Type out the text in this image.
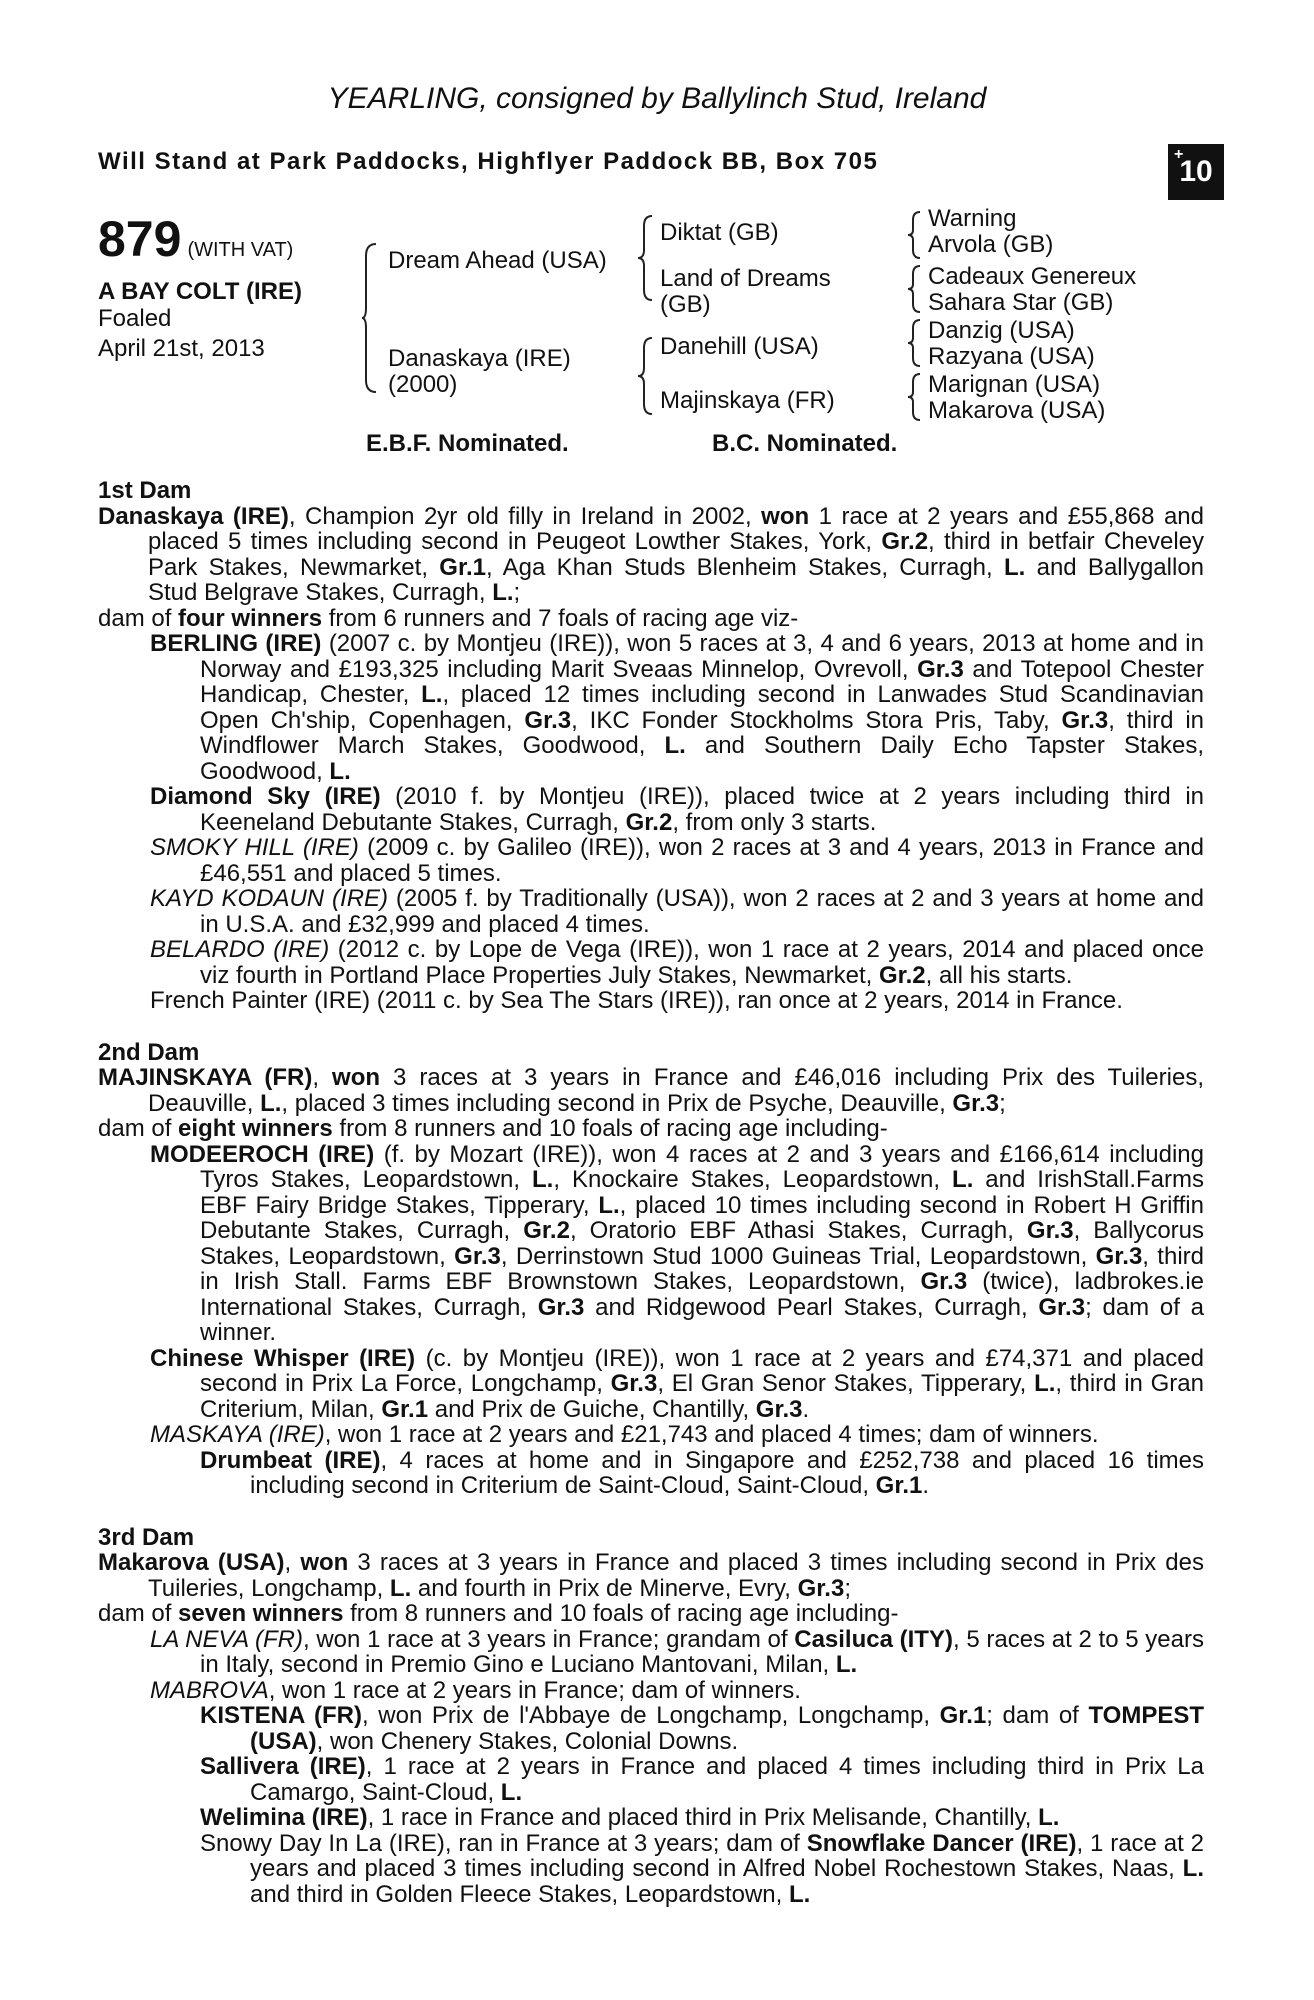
YEARLING, consigned by Ballylinch Stud, Ireland
Will Stand at Park Paddocks, Highflyer Paddock BB, Box 705	+
10
879 (WITH VAT)
A BAY COLT (IRE)
Foaled
April 21st, 2013
Dream Ahead (USA)
Danaskaya (IRE)
(2000)
Diktat (GB)
Land of Dreams
(GB)
Danehill (USA)
Majinskaya (FR)
Warning
Arvola (GB)
Cadeaux Genereux
Sahara Star (GB)
Danzig (USA)
Razyana (USA)
Marignan (USA)
Makarova (USA)
E.B.F. Nominated.	B.C. Nominated.
1st Dam
Danaskaya (IRE), Champion 2yr old filly in Ireland in 2002, won 1 race at 2 years and £55,868 and placed 5 times including second in Peugeot Lowther Stakes, York, Gr.2, third in betfair Cheveley Park Stakes, Newmarket, Gr.1, Aga Khan Studs Blenheim Stakes, Curragh, L. and Ballygallon Stud Belgrave Stakes, Curragh, L.;
dam of four winners from 6 runners and 7 foals of racing age viz-
BERLING (IRE) (2007 c. by Montjeu (IRE)), won 5 races at 3, 4 and 6 years, 2013 at home and in Norway and £193,325 including Marit Sveaas Minnelop, Ovrevoll, Gr.3 and Totepool Chester Handicap, Chester, L., placed 12 times including second in Lanwades Stud Scandinavian Open Ch'ship, Copenhagen, Gr.3, IKC Fonder Stockholms Stora Pris, Taby, Gr.3, third in Windflower March Stakes, Goodwood, L. and Southern Daily Echo Tapster Stakes, Goodwood, L.
Diamond Sky (IRE) (2010 f. by Montjeu (IRE)), placed twice at 2 years including third in Keeneland Debutante Stakes, Curragh, Gr.2, from only 3 starts.
SMOKY HILL (IRE) (2009 c. by Galileo (IRE)), won 2 races at 3 and 4 years, 2013 in France and £46,551 and placed 5 times.
KAYD KODAUN (IRE) (2005 f. by Traditionally (USA)), won 2 races at 2 and 3 years at home and in U.S.A. and £32,999 and placed 4 times.
BELARDO (IRE) (2012 c. by Lope de Vega (IRE)), won 1 race at 2 years, 2014 and placed once viz fourth in Portland Place Properties July Stakes, Newmarket, Gr.2, all his starts.
French Painter (IRE) (2011 c. by Sea The Stars (IRE)), ran once at 2 years, 2014 in France.
2nd Dam
MAJINSKAYA (FR), won 3 races at 3 years in France and £46,016 including Prix des Tuileries, Deauville, L., placed 3 times including second in Prix de Psyche, Deauville, Gr.3;
dam of eight winners from 8 runners and 10 foals of racing age including-
MODEEROCH (IRE) (f. by Mozart (IRE)), won 4 races at 2 and 3 years and £166,614 including Tyros Stakes, Leopardstown, L., Knockaire Stakes, Leopardstown, L. and IrishStall.Farms EBF Fairy Bridge Stakes, Tipperary, L., placed 10 times including second in Robert H Griffin Debutante Stakes, Curragh, Gr.2, Oratorio EBF Athasi Stakes, Curragh, Gr.3, Ballycorus Stakes, Leopardstown, Gr.3, Derrinstown Stud 1000 Guineas Trial, Leopardstown, Gr.3, third in Irish Stall. Farms EBF Brownstown Stakes, Leopardstown, Gr.3 (twice), ladbrokes.ie International Stakes, Curragh, Gr.3 and Ridgewood Pearl Stakes, Curragh, Gr.3; dam of a winner.
Chinese Whisper (IRE) (c. by Montjeu (IRE)), won 1 race at 2 years and £74,371 and placed second in Prix La Force, Longchamp, Gr.3, El Gran Senor Stakes, Tipperary, L., third in Gran Criterium, Milan, Gr.1 and Prix de Guiche, Chantilly, Gr.3.
MASKAYA (IRE), won 1 race at 2 years and £21,743 and placed 4 times; dam of winners.
Drumbeat (IRE), 4 races at home and in Singapore and £252,738 and placed 16 times including second in Criterium de Saint-Cloud, Saint-Cloud, Gr.1.
3rd Dam
Makarova (USA), won 3 races at 3 years in France and placed 3 times including second in Prix des Tuileries, Longchamp, L. and fourth in Prix de Minerve, Evry, Gr.3;
dam of seven winners from 8 runners and 10 foals of racing age including-
LA NEVA (FR), won 1 race at 3 years in France; grandam of Casiluca (ITY), 5 races at 2 to 5 years in Italy, second in Premio Gino e Luciano Mantovani, Milan, L.
MABROVA, won 1 race at 2 years in France; dam of winners.
KISTENA (FR), won Prix de l'Abbaye de Longchamp, Longchamp, Gr.1; dam of TOMPEST (USA), won Chenery Stakes, Colonial Downs.
Sallivera (IRE), 1 race at 2 years in France and placed 4 times including third in Prix La Camargo, Saint-Cloud, L.
Welimina (IRE), 1 race in France and placed third in Prix Melisande, Chantilly, L.
Snowy Day In La (IRE), ran in France at 3 years; dam of Snowflake Dancer (IRE), 1 race at 2 years and placed 3 times including second in Alfred Nobel Rochestown Stakes, Naas, L. and third in Golden Fleece Stakes, Leopardstown, L.
